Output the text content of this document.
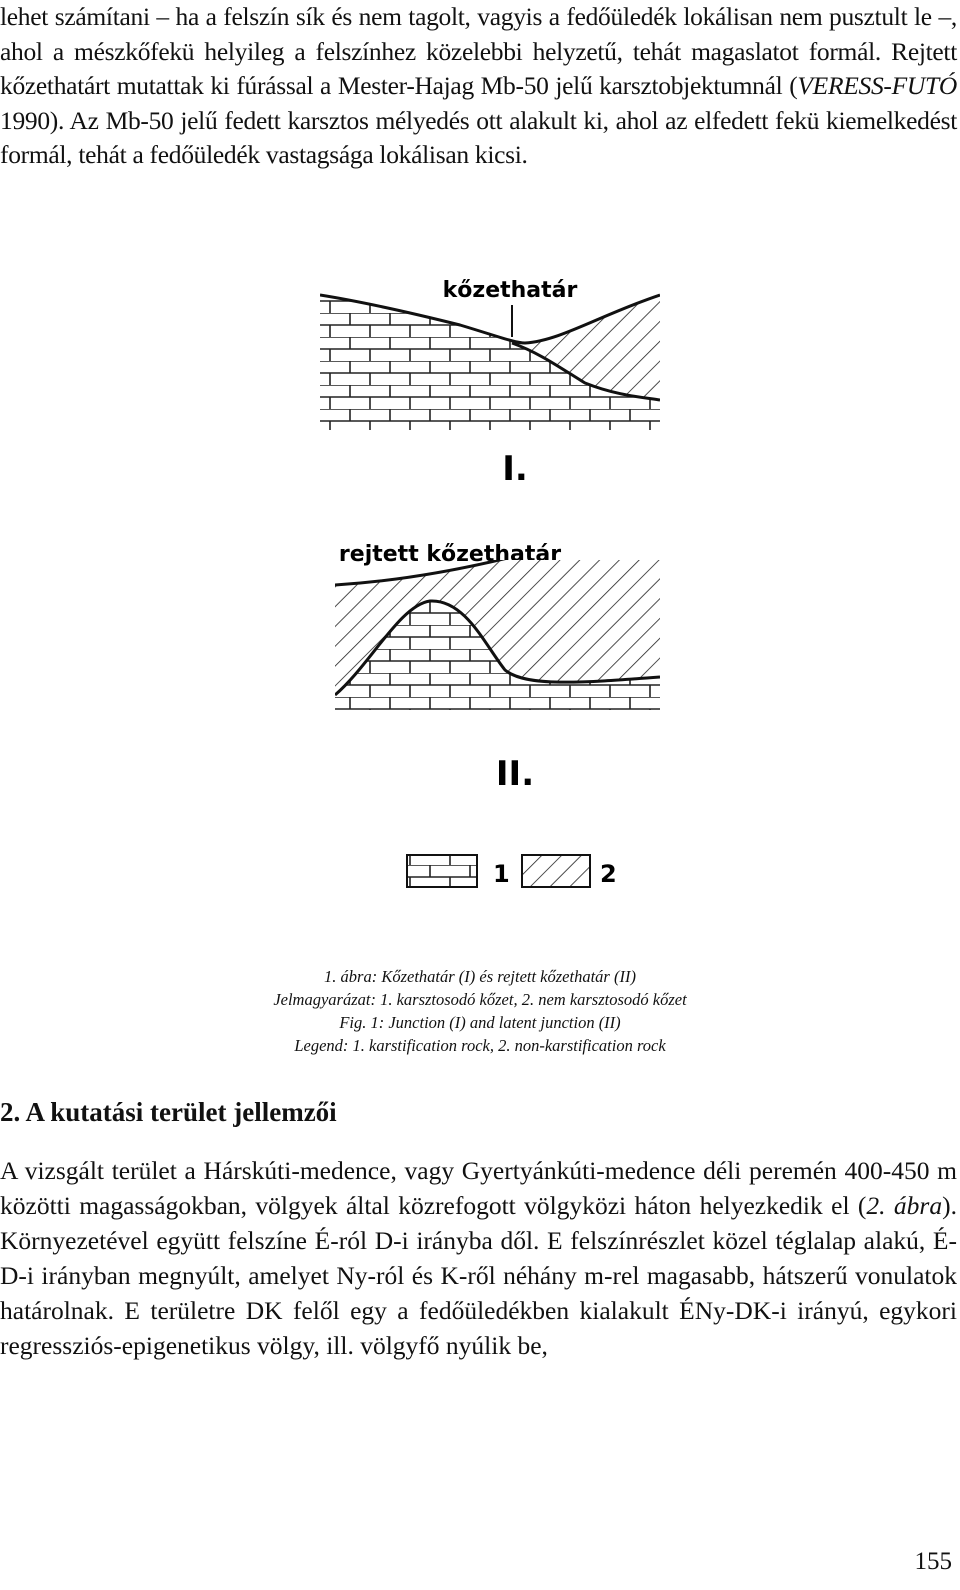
lehet számítani – ha a felszín sík és nem tagolt, vagyis a fedőüledék lokálisan nem pusztult le –, ahol a mészkőfekü helyileg a felszínhez közelebbi helyzetű, tehát magaslatot formál. Rejtett kőzethatárt mutattak ki fúrással a Mester-Hajag Mb-50 jelű karsztobjektumnál (VERESS-FUTÓ 1990). Az Mb-50 jelű fedett karsztos mélyedés ott alakult ki, ahol az elfedett fekü kiemelkedést formál, tehát a fedőüledék vastagsága lokálisan kicsi.

kőzethatár
I.
rejtett kőzethatár
II.
1	2
1. ábra: Kőzethatár (I) és rejtett kőzethatár (II)
Jelmagyarázat: 1. karsztosodó kőzet, 2. nem karsztosodó kőzet
Fig. 1: Junction (I) and latent junction (II)
Legend: 1. karstification rock, 2. non-karstification rock
2. A kutatási terület jellemzői

A vizsgált terület a Hárskúti-medence, vagy Gyertyánkúti-medence déli peremén 400-450 m közötti magasságokban, völgyek által közrefogott völgyközi háton helyezkedik el (2. ábra). Környezetével együtt felszíne É-ról D-i irányba dől. E felszínrészlet közel téglalap alakú, É-D-i irányban megnyúlt, amelyet Ny-ról és K-ről néhány m-rel magasabb, hátszerű vonulatok határolnak. E területre DK felől egy a fedőüledékben kialakult ÉNy-DK-i irányú, egykori regressziós-epigenetikus völgy, ill. völgyfő nyúlik be,

155
